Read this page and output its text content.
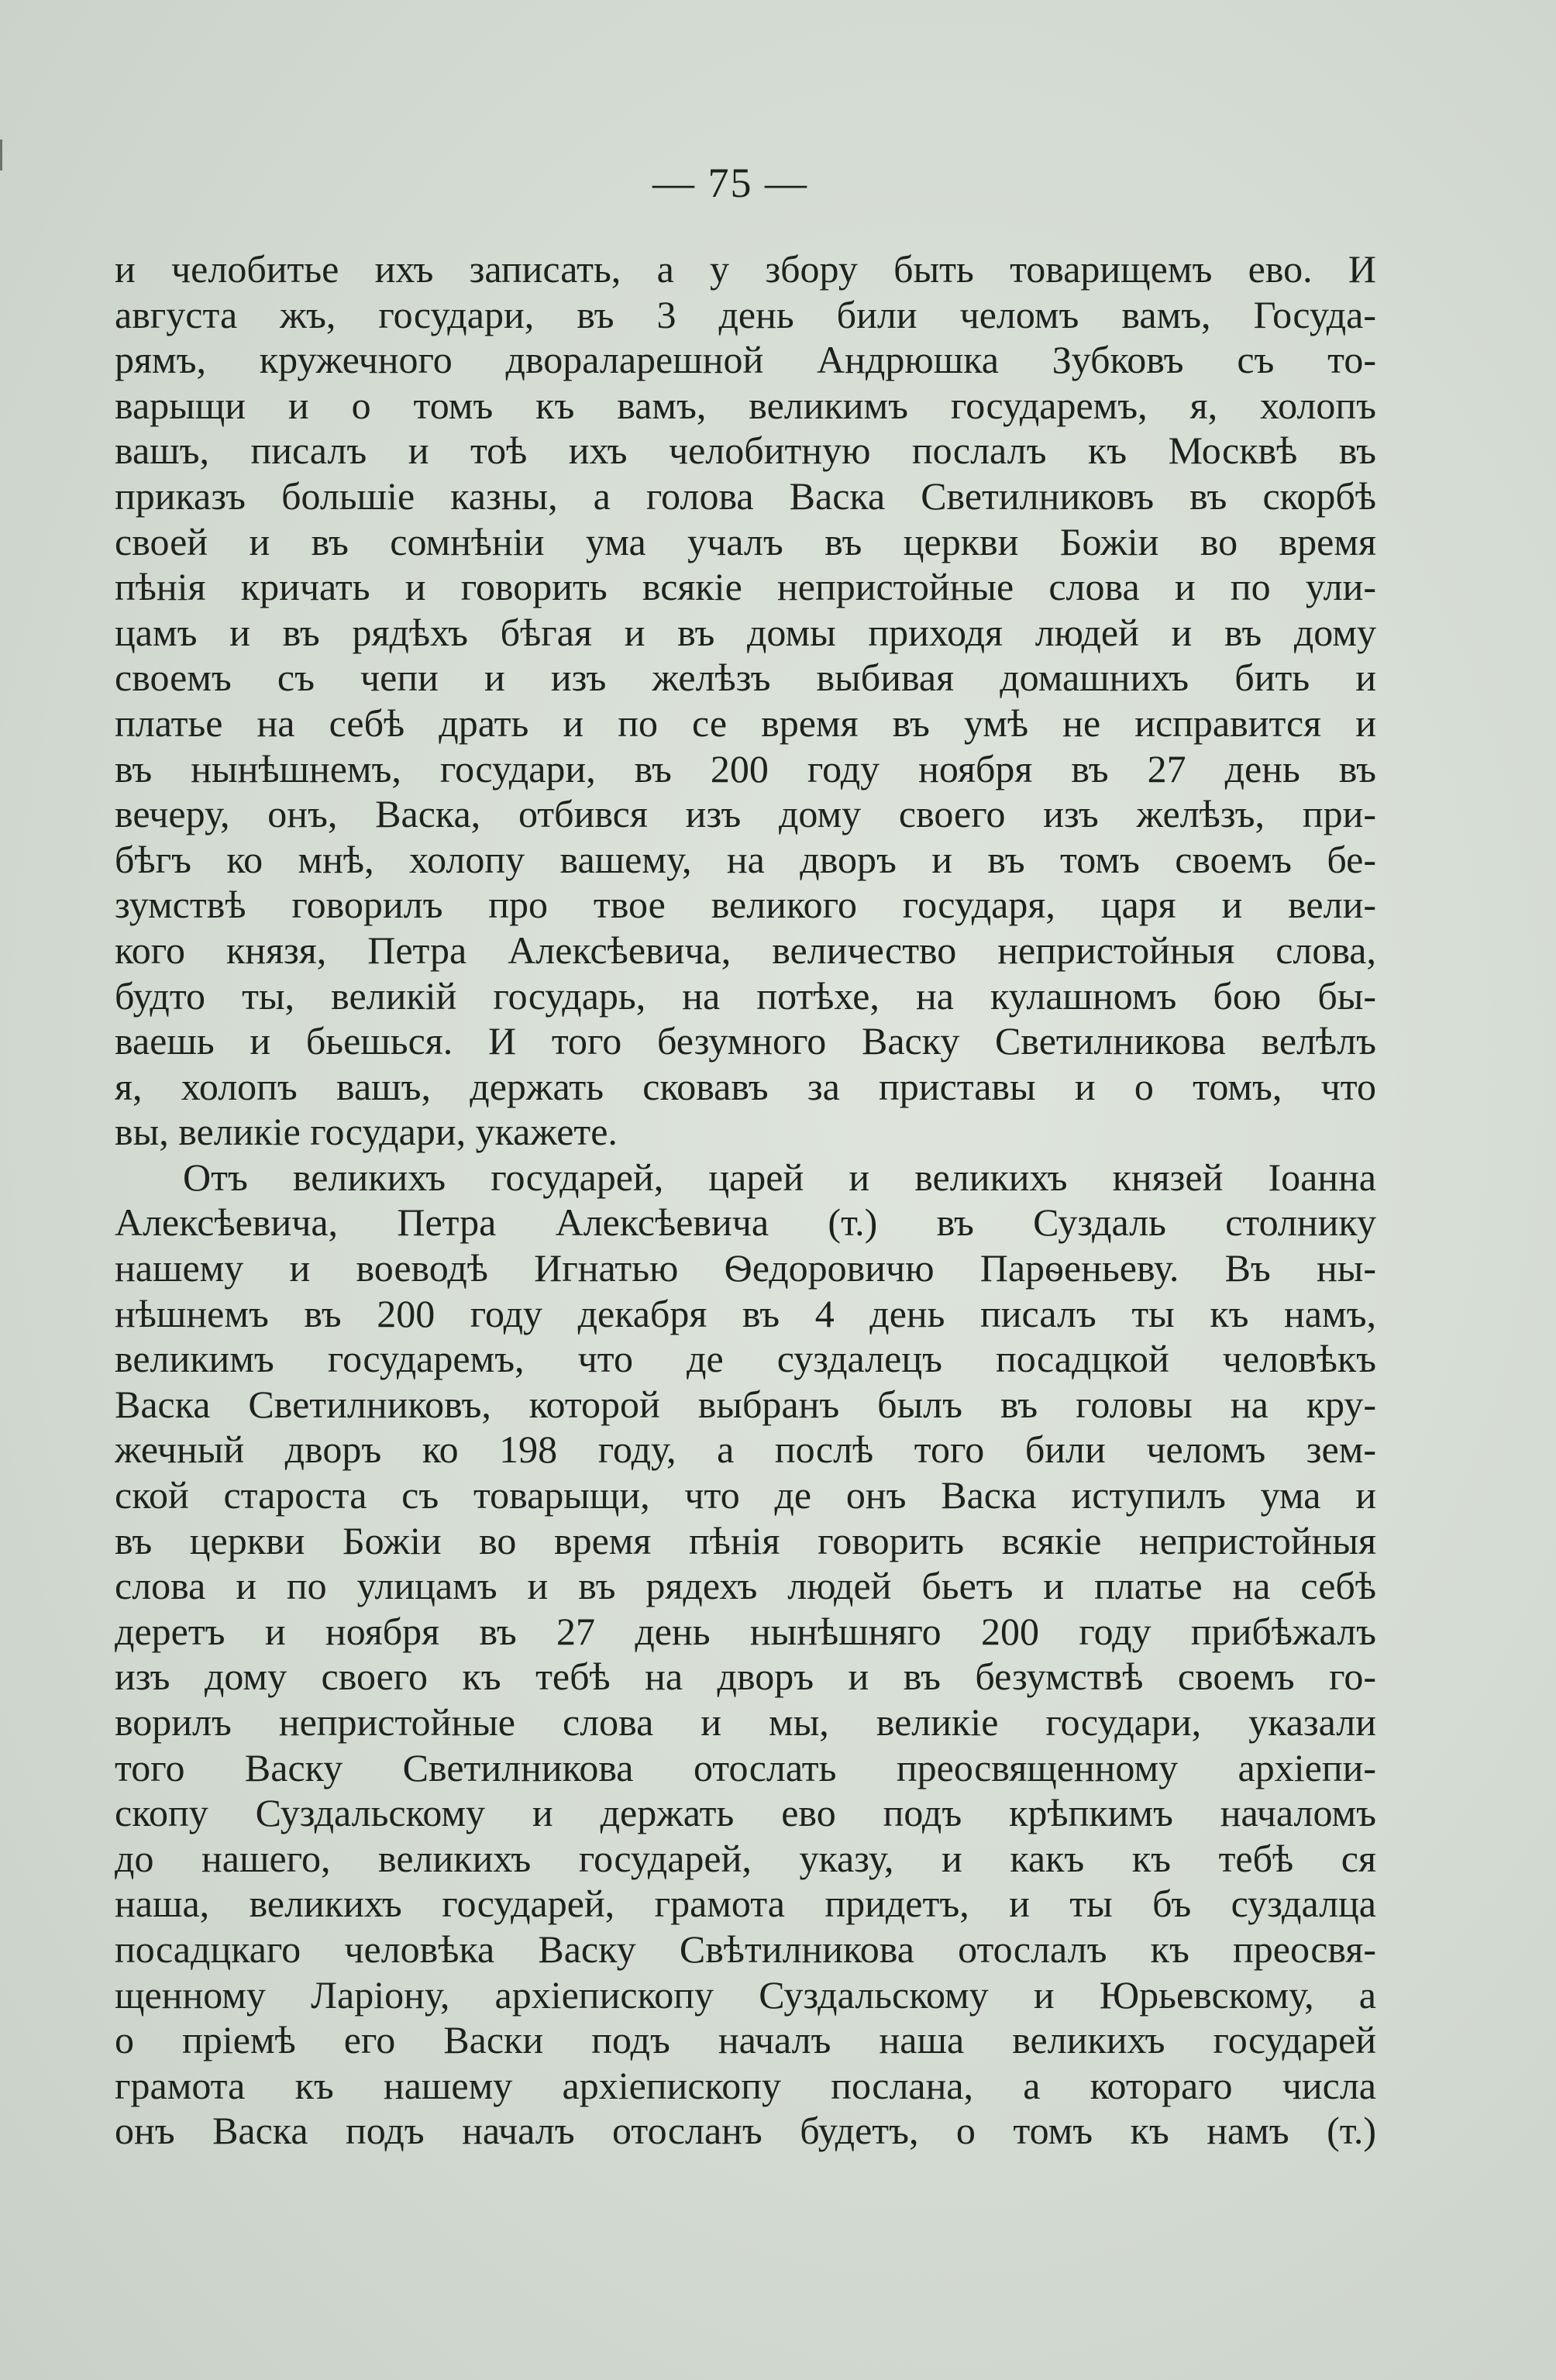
— 75 —
и челобитье ихъ записать, а у збору быть товарищемъ ево. И
августа жъ, государи, въ 3 день били челомъ вамъ, Госуда-
рямъ, кружечного двораларешной Андрюшка Зубковъ съ то-
варыщи и о томъ къ вамъ, великимъ государемъ, я, холопъ
вашъ, писалъ и тоѣ ихъ челобитную послалъ къ Москвѣ въ
приказъ большіе казны, а голова Васка Светилниковъ въ скорбѣ
своей и въ сомнѣніи ума учалъ въ церкви Божіи во время
пѣнія кричать и говорить всякіе непристойные слова и по ули-
цамъ и въ рядѣхъ бѣгая и въ домы приходя людей и въ дому
своемъ съ чепи и изъ желѣзъ выбивая домашнихъ бить и
платье на себѣ драть и по се время въ умѣ не исправится и
въ нынѣшнемъ, государи, въ 200 году ноября въ 27 день въ
вечеру, онъ, Васка, отбився изъ дому своего изъ желѣзъ, при-
бѣгъ ко мнѣ, холопу вашему, на дворъ и въ томъ своемъ бе-
зумствѣ говорилъ про твое великого государя, царя и вели-
кого князя, Петра Алексѣевича, величество непристойныя слова,
будто ты, великій государь, на потѣхе, на кулашномъ бою бы-
ваешь и бьешься. И того безумного Васку Светилникова велѣлъ
я, холопъ вашъ, держать сковавъ за приставы и о томъ, что
вы, великіе государи, укажете.
Отъ великихъ государей, царей и великихъ князей Іоанна
Алексѣевича, Петра Алексѣевича (т.) въ Суздаль столнику
нашему и воеводѣ Игнатью Ѳедоровичю Парѳеньеву. Въ ны-
нѣшнемъ въ 200 году декабря въ 4 день писалъ ты къ намъ,
великимъ государемъ, что де суздалецъ посадцкой человѣкъ
Васка Светилниковъ, которой выбранъ былъ въ головы на кру-
жечный дворъ ко 198 году, а послѣ того били челомъ зем-
ской староста съ товарыщи, что де онъ Васка иступилъ ума и
въ церкви Божіи во время пѣнія говорить всякіе непристойныя
слова и по улицамъ и въ рядехъ людей бьетъ и платье на себѣ
деретъ и ноября въ 27 день нынѣшняго 200 году прибѣжалъ
изъ дому своего къ тебѣ на дворъ и въ безумствѣ своемъ го-
ворилъ непристойные слова и мы, великіе государи, указали
того Васку Светилникова отослать преосвященному архіепи-
скопу Суздальскому и держать ево подъ крѣпкимъ началомъ
до нашего, великихъ государей, указу, и какъ къ тебѣ ся
наша, великихъ государей, грамота придетъ, и ты бъ суздалца
посадцкаго человѣка Васку Свѣтилникова отослалъ къ преосвя-
щенному Ларіону, архіепископу Суздальскому и Юрьевскому, а
о пріемѣ его Васки подъ началъ наша великихъ государей
грамота къ нашему архіепископу послана, а котораго числа
онъ Васка подъ началъ отосланъ будетъ, о томъ къ намъ (т.)
